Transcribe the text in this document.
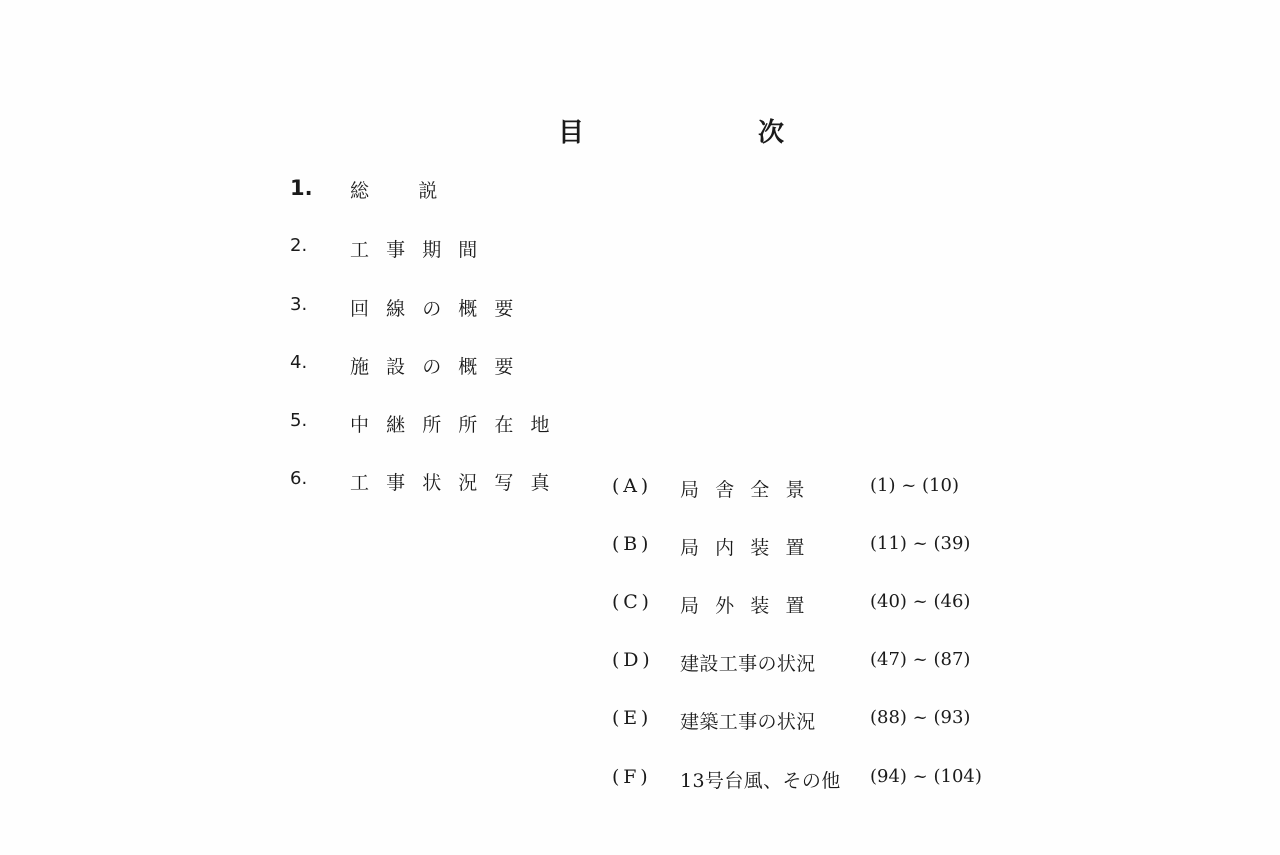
目	次
1. 総説
2. 工事期間
3. 回線の概要
4. 施設の概要
5. 中継所所在地
6. 工事状況写真 (A) 局舎全景	(1) ~ (10)
(B) 局内装置	(11) ~ (39)
(C) 局外装置	(40) ~ (46)
(D) 建設工事の状況	(47) ~ (87)
(E) 建築工事の状況	(88) ~ (93)
(F) 13号台風、その他 (94) ~ (104)
